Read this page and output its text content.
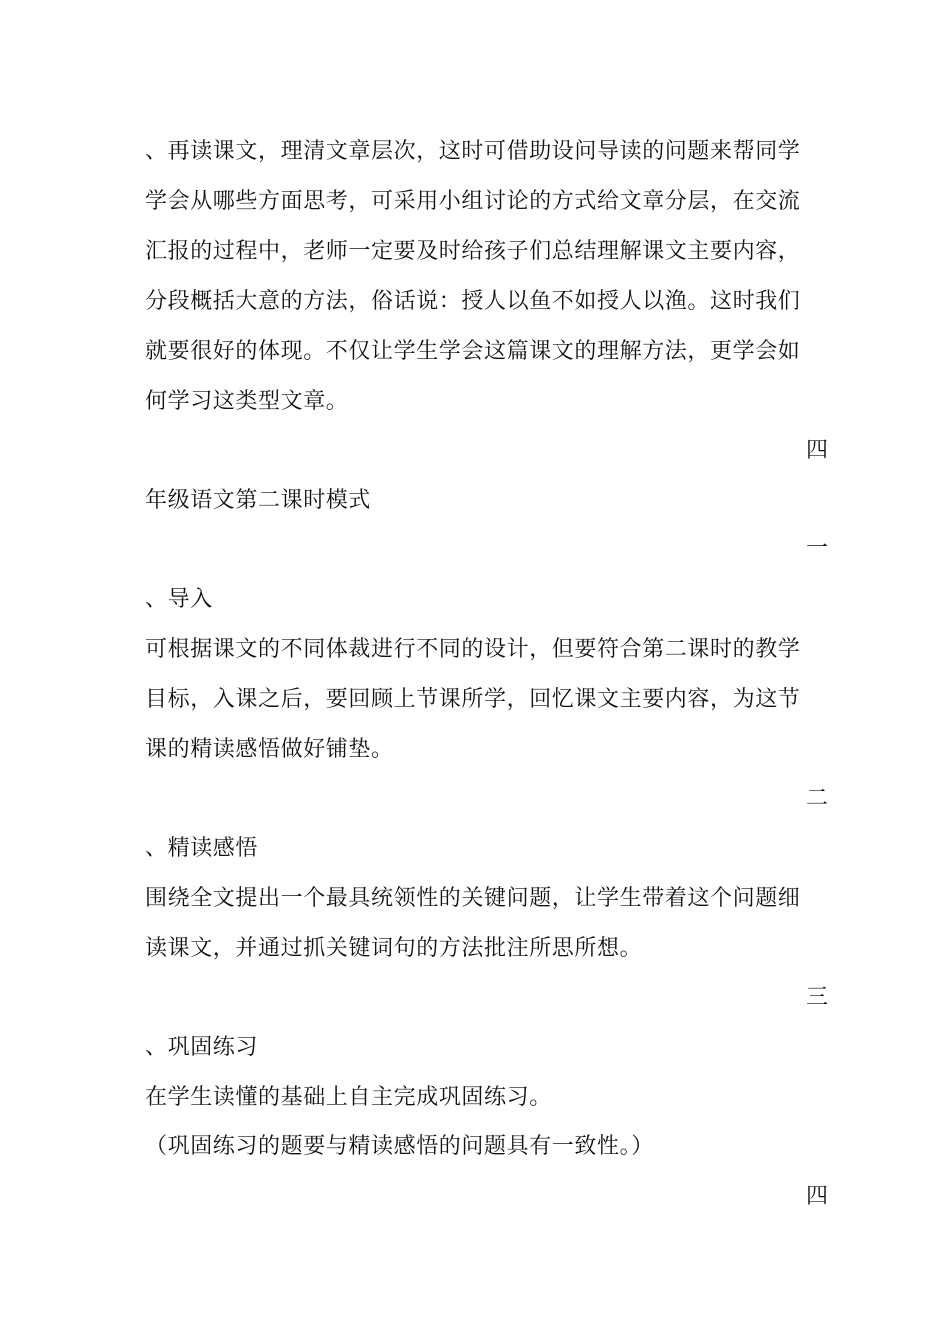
、再读课文，理清文章层次，这时可借助设问导读的问题来帮同学
学会从哪些方面思考，可采用小组讨论的方式给文章分层，在交流
汇报的过程中，老师一定要及时给孩子们总结理解课文主要内容，
分段概括大意的方法，俗话说：授人以鱼不如授人以渔。这时我们
就要很好的体现。不仅让学生学会这篇课文的理解方法，更学会如
何学习这类型文章。
四
年级语文第二课时模式
一
、导入
可根据课文的不同体裁进行不同的设计，但要符合第二课时的教学
目标，入课之后，要回顾上节课所学，回忆课文主要内容，为这节
课的精读感悟做好铺垫。
二
、精读感悟
围绕全文提出一个最具统领性的关键问题，让学生带着这个问题细
读课文，并通过抓关键词句的方法批注所思所想。
三
、巩固练习
在学生读懂的基础上自主完成巩固练习。
（巩固练习的题要与精读感悟的问题具有一致性。）
四
